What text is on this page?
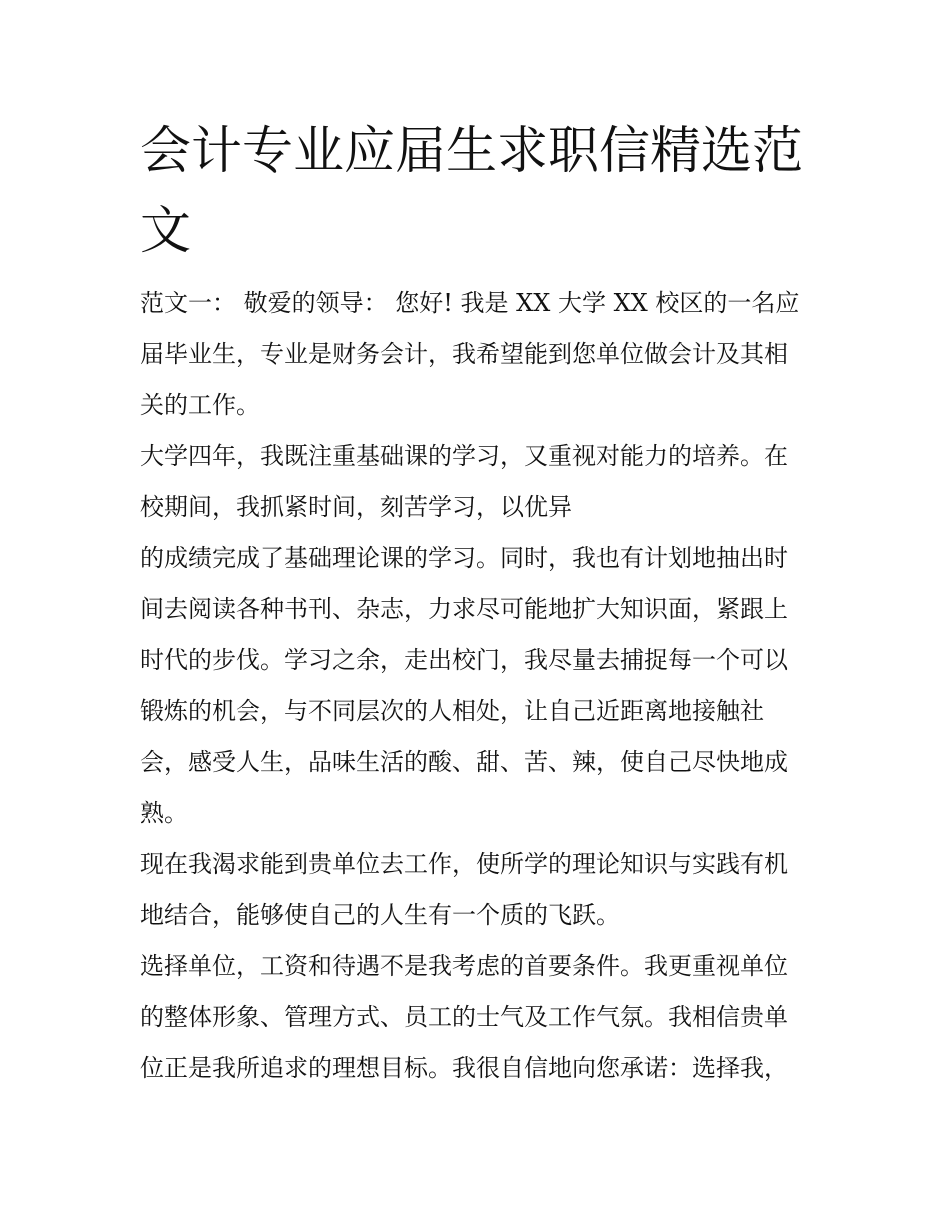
会计专业应届生求职信精选范
文
范文一： 敬爱的领导： 您好! 我是 XX 大学 XX 校区的一名应
届毕业生，专业是财务会计，我希望能到您单位做会计及其相
关的工作。
大学四年，我既注重基础课的学习，又重视对能力的培养。在
校期间，我抓紧时间，刻苦学习，以优异
的成绩完成了基础理论课的学习。同时，我也有计划地抽出时
间去阅读各种书刊、杂志，力求尽可能地扩大知识面，紧跟上
时代的步伐。学习之余，走出校门，我尽量去捕捉每一个可以
锻炼的机会，与不同层次的人相处，让自己近距离地接触社
会，感受人生，品味生活的酸、甜、苦、辣，使自己尽快地成
熟。
现在我渴求能到贵单位去工作，使所学的理论知识与实践有机
地结合，能够使自己的人生有一个质的飞跃。
选择单位，工资和待遇不是我考虑的首要条件。我更重视单位
的整体形象、管理方式、员工的士气及工作气氛。我相信贵单
位正是我所追求的理想目标。我很自信地向您承诺：选择我，
